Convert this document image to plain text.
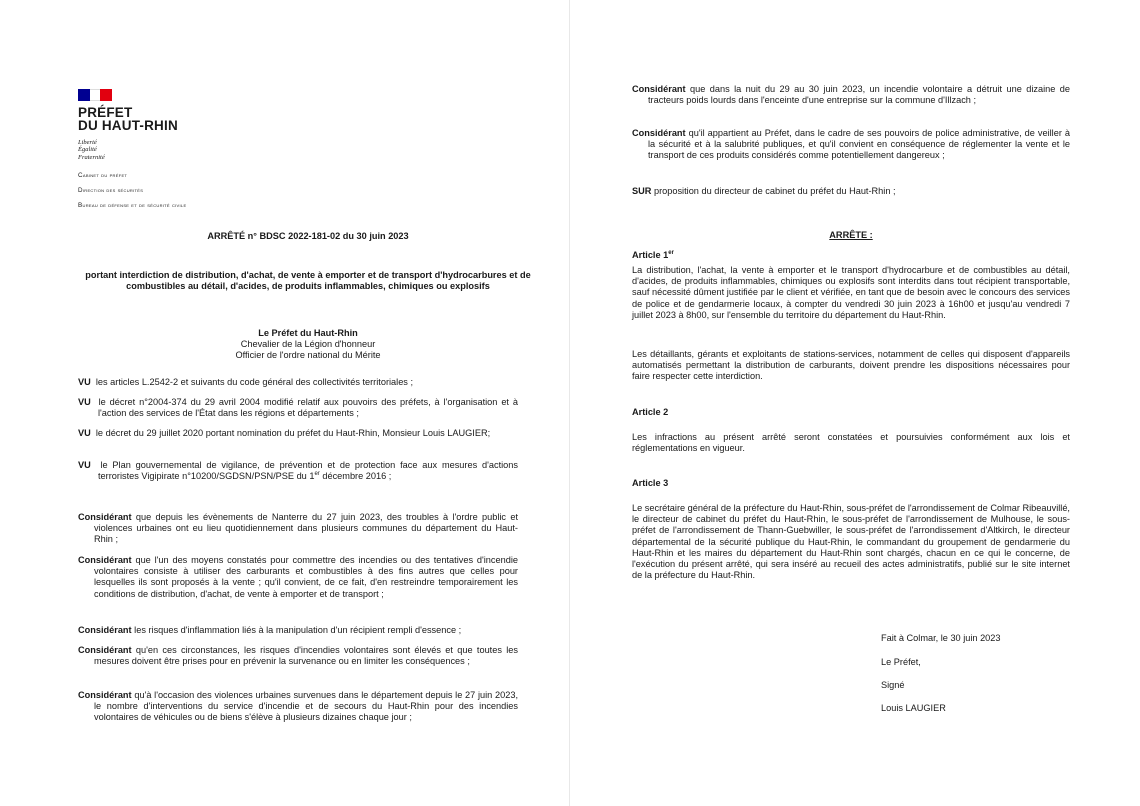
PRÉFET
DU HAUT-RHIN
Liberté
Égalité
Fraternité
Cabinet du préfet
Direction des sécurités
Bureau de défense et de sécurité civile
ARRÊTÉ n° BDSC 2022-181-02 du 30 juin 2023
portant interdiction de distribution, d'achat, de vente à emporter et de transport d'hydrocarbures et de combustibles au détail, d'acides, de produits inflammables, chimiques ou explosifs
Le Préfet du Haut-Rhin
Chevalier de la Légion d'honneur
Officier de l'ordre national du Mérite
VU les articles L.2542-2 et suivants du code général des collectivités territoriales ;
VU le décret n°2004-374 du 29 avril 2004 modifié relatif aux pouvoirs des préfets, à l'organisation et à l'action des services de l'État dans les régions et départements ;
VU le décret du 29 juillet 2020 portant nomination du préfet du Haut-Rhin, Monsieur Louis LAUGIER;
VU le Plan gouvernemental de vigilance, de prévention et de protection face aux mesures d'actions terroristes Vigipirate n°10200/SGDSN/PSN/PSE du 1er décembre 2016 ;
Considérant que depuis les évènements de Nanterre du 27 juin 2023, des troubles à l'ordre public et violences urbaines ont eu lieu quotidiennement dans plusieurs communes du département du Haut-Rhin ;
Considérant que l'un des moyens constatés pour commettre des incendies ou des tentatives d'incendie volontaires consiste à utiliser des carburants et combustibles à des fins autres que celles pour lesquelles ils sont proposés à la vente ; qu'il convient, de ce fait, d'en restreindre temporairement les conditions de distribution, d'achat, de vente à emporter et de transport ;
Considérant les risques d'inflammation liés à la manipulation d'un récipient rempli d'essence ;
Considérant qu'en ces circonstances, les risques d'incendies volontaires sont élevés et que toutes les mesures doivent être prises pour en prévenir la survenance ou en limiter les conséquences ;
Considérant qu'à l'occasion des violences urbaines survenues dans le département depuis le 27 juin 2023, le nombre d'interventions du service d'incendie et de secours du Haut-Rhin pour des incendies volontaires de véhicules ou de biens s'élève à plusieurs dizaines chaque jour ;
Considérant que dans la nuit du 29 au 30 juin 2023, un incendie volontaire a détruit une dizaine de tracteurs poids lourds dans l'enceinte d'une entreprise sur la commune d'Illzach ;
Considérant qu'il appartient au Préfet, dans le cadre de ses pouvoirs de police administrative, de veiller à la sécurité et à la salubrité publiques, et qu'il convient en conséquence de réglementer la vente et le transport de ces produits considérés comme potentiellement dangereux ;
SUR proposition du directeur de cabinet du préfet du Haut-Rhin ;
ARRÊTE :
Article 1er
La distribution, l'achat, la vente à emporter et le transport d'hydrocarbure et de combustibles au détail, d'acides, de produits inflammables, chimiques ou explosifs sont interdits dans tout récipient transportable, sauf nécessité dûment justifiée par le client et vérifiée, en tant que de besoin avec le concours des services de police et de gendarmerie locaux, à compter du vendredi 30 juin 2023 à 16h00 et jusqu'au vendredi 7 juillet 2023 à 8h00, sur l'ensemble du territoire du département du Haut-Rhin.
Les détaillants, gérants et exploitants de stations-services, notamment de celles qui disposent d'appareils automatisés permettant la distribution de carburants, doivent prendre les dispositions nécessaires pour faire respecter cette interdiction.
Article 2
Les infractions au présent arrêté seront constatées et poursuivies conformément aux lois et réglementations en vigueur.
Article 3
Le secrétaire général de la préfecture du Haut-Rhin, sous-préfet de l'arrondissement de Colmar Ribeauvillé, le directeur de cabinet du préfet du Haut-Rhin, le sous-préfet de l'arrondissement de Mulhouse, le sous-préfet de l'arrondissement de Thann-Guebwiller, le sous-préfet de l'arrondissement d'Altkirch, le directeur départemental de la sécurité publique du Haut-Rhin, le commandant du groupement de gendarmerie du Haut-Rhin et les maires du département du Haut-Rhin sont chargés, chacun en ce qui le concerne, de l'exécution du présent arrêté, qui sera inséré au recueil des actes administratifs, publié sur le site internet de la préfecture du Haut-Rhin.
Fait à Colmar, le 30 juin 2023
Le Préfet,
Signé
Louis LAUGIER
